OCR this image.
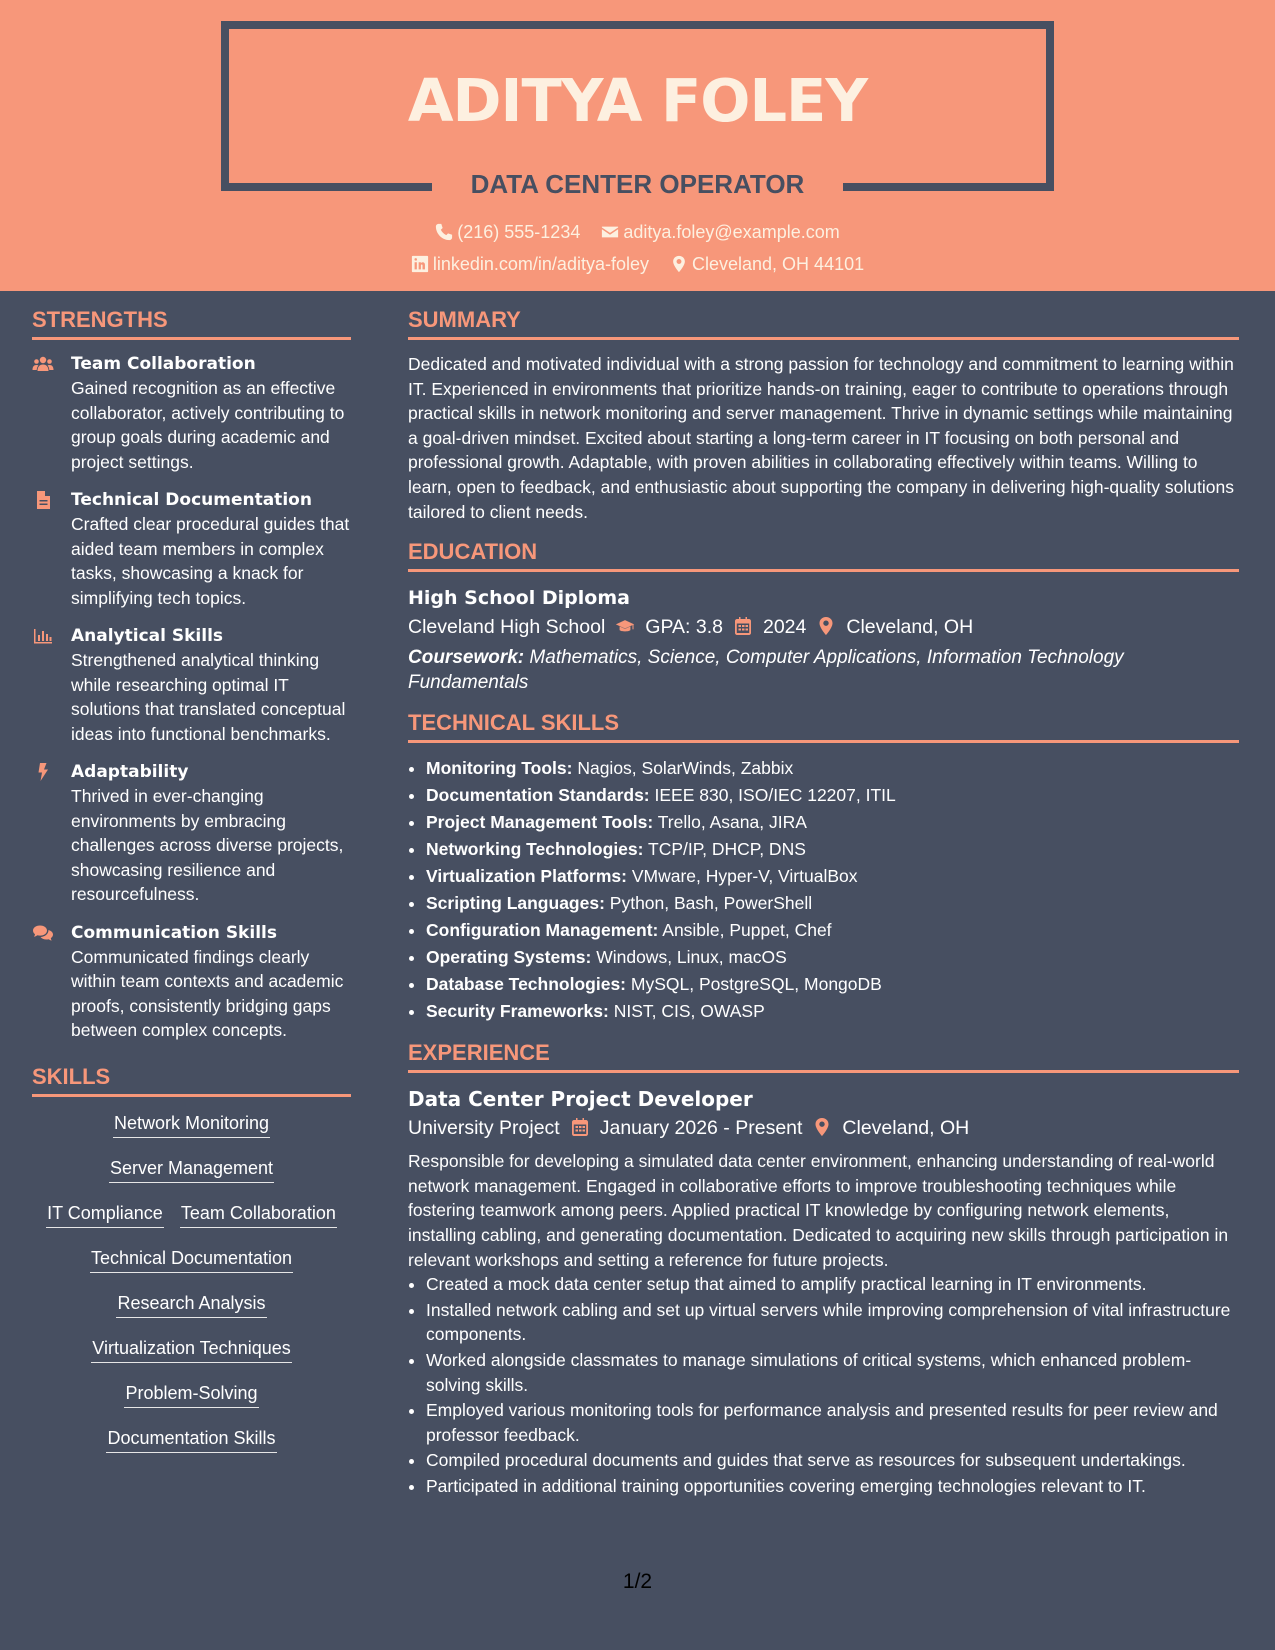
ADITYA FOLEY
DATA CENTER OPERATOR
(216) 555-1234 aditya.foley@example.com
linkedin.com/in/aditya-foley Cleveland, OH 44101
STRENGTHS
Team Collaboration
Gained recognition as an effective collaborator, actively contributing to group goals during academic and project settings.
Technical Documentation
Crafted clear procedural guides that aided team members in complex tasks, showcasing a knack for simplifying tech topics.
Analytical Skills
Strengthened analytical thinking while researching optimal IT solutions that translated conceptual ideas into functional benchmarks.
Adaptability
Thrived in ever-changing environments by embracing challenges across diverse projects, showcasing resilience and resourcefulness.
Communication Skills
Communicated findings clearly within team contexts and academic proofs, consistently bridging gaps between complex concepts.
SKILLS
Network Monitoring
Server Management
IT Compliance Team Collaboration
Technical Documentation
Research Analysis
Virtualization Techniques
Problem-Solving
Documentation Skills
SUMMARY

Dedicated and motivated individual with a strong passion for technology and commitment to learning within IT. Experienced in environments that prioritize hands-on training, eager to contribute to operations through practical skills in network monitoring and server management. Thrive in dynamic settings while maintaining a goal-driven mindset. Excited about starting a long-term career in IT focusing on both personal and professional growth. Adaptable, with proven abilities in collaborating effectively within teams. Willing to learn, open to feedback, and enthusiastic about supporting the company in delivering high-quality solutions tailored to client needs.

EDUCATION
High School Diploma
Cleveland High School GPA: 3.8 2024 Cleveland, OH
Coursework: Mathematics, Science, Computer Applications, Information Technology Fundamentals
TECHNICAL SKILLS
• Monitoring Tools: Nagios, SolarWinds, Zabbix
• Documentation Standards: IEEE 830, ISO/IEC 12207, ITIL
• Project Management Tools: Trello, Asana, JIRA
• Networking Technologies: TCP/IP, DHCP, DNS
• Virtualization Platforms: VMware, Hyper-V, VirtualBox
• Scripting Languages: Python, Bash, PowerShell
• Configuration Management: Ansible, Puppet, Chef
• Operating Systems: Windows, Linux, macOS
• Database Technologies: MySQL, PostgreSQL, MongoDB
• Security Frameworks: NIST, CIS, OWASP
EXPERIENCE
Data Center Project Developer
University Project January 2026 - Present Cleveland, OH

Responsible for developing a simulated data center environment, enhancing understanding of real-world network management. Engaged in collaborative efforts to improve troubleshooting techniques while fostering teamwork among peers. Applied practical IT knowledge by configuring network elements, installing cabling, and generating documentation. Dedicated to acquiring new skills through participation in relevant workshops and setting a reference for future projects.

• Created a mock data center setup that aimed to amplify practical learning in IT environments.
• Installed network cabling and set up virtual servers while improving comprehension of vital infrastructure components.
• Worked alongside classmates to manage simulations of critical systems, which enhanced problem-solving skills.
• Employed various monitoring tools for performance analysis and presented results for peer review and professor feedback.
• Compiled procedural documents and guides that serve as resources for subsequent undertakings.
• Participated in additional training opportunities covering emerging technologies relevant to IT.
1/2
